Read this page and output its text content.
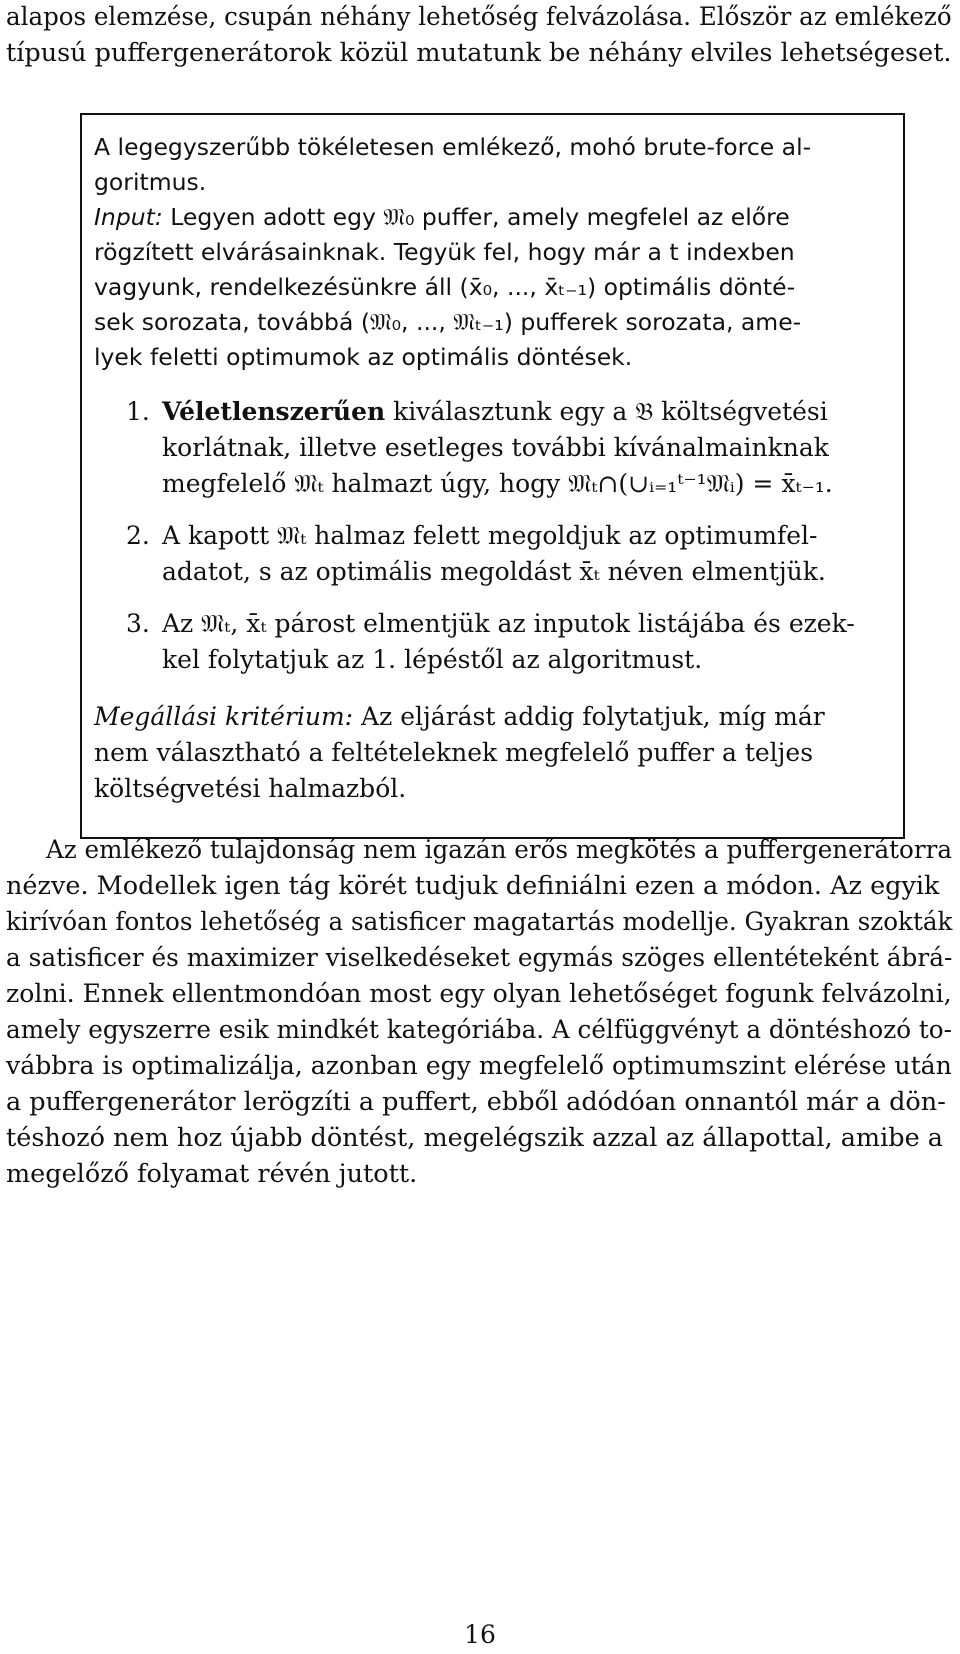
alapos elemzése, csupán néhány lehetőség felvázolása. Először az emlékező
típusú puffergenerátorok közül mutatunk be néhány elviles lehetségeset.
A legegyszerűbb tökéletesen emlékező, mohó brute-force al-
goritmus.
Input: Legyen adott egy 𝔐₀ puffer, amely megfelel az előre
rögzített elvárásainknak. Tegyük fel, hogy már a t indexben
vagyunk, rendelkezésünkre áll (x̄₀, ..., x̄ₜ₋₁) optimális dönté-
sek sorozata, továbbá (𝔐₀, ..., 𝔐ₜ₋₁) pufferek sorozata, ame-
lyek feletti optimumok az optimális döntések.
1. Véletlenszerűen kiválasztunk egy a 𝔅 költségvetési
korlátnak, illetve esetleges további kívánalmainknak
megfelelő 𝔐ₜ halmazt úgy, hogy 𝔐ₜ∩(∪ᵢ₌₁ᵗ⁻¹𝔐ᵢ) = x̄ₜ₋₁.
2. A kapott 𝔐ₜ halmaz felett megoldjuk az optimumfel-
adatot, s az optimális megoldást x̄ₜ néven elmentjük.
3. Az 𝔐ₜ, x̄ₜ párost elmentjük az inputok listájába és ezek-
kel folytatjuk az 1. lépéstől az algoritmust.
Megállási kritérium: Az eljárást addig folytatjuk, míg már
nem választható a feltételeknek megfelelő puffer a teljes
költségvetési halmazból.
Az emlékező tulajdonság nem igazán erős megkötés a puffergenerátorra
nézve. Modellek igen tág körét tudjuk definiálni ezen a módon. Az egyik
kirívóan fontos lehetőség a satisficer magatartás modellje. Gyakran szokták
a satisficer és maximizer viselkedéseket egymás szöges ellentéteként ábrá-
zolni. Ennek ellentmondóan most egy olyan lehetőséget fogunk felvázolni,
amely egyszerre esik mindkét kategóriába. A célfüggvényt a döntéshozó to-
vábbra is optimalizálja, azonban egy megfelelő optimumszint elérése után
a puffergenerátor lerögzíti a puffert, ebből adódóan onnantól már a dön-
téshozó nem hoz újabb döntést, megelégszik azzal az állapottal, amibe a
megelőző folyamat révén jutott.
16
